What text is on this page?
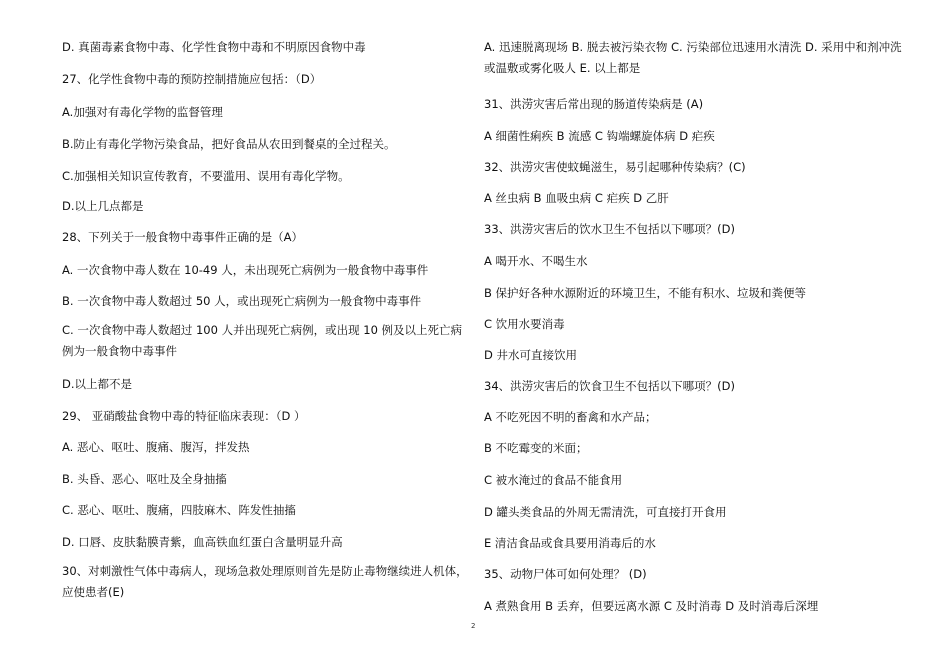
D. 真菌毒素食物中毒、化学性食物中毒和不明原因食物中毒
27、化学性食物中毒的预防控制措施应包括：（D）
A.加强对有毒化学物的监督管理
B.防止有毒化学物污染食品，把好食品从农田到餐桌的全过程关。
C.加强相关知识宣传教育，不要滥用、误用有毒化学物。
D.以上几点都是
28、下列关于一般食物中毒事件正确的是（A）
A. 一次食物中毒人数在 10-49 人，未出现死亡病例为一般食物中毒事件
B. 一次食物中毒人数超过 50 人，或出现死亡病例为一般食物中毒事件
C. 一次食物中毒人数超过 100 人并出现死亡病例，或出现 10 例及以上死亡病例为一般食物中毒事件
D.以上都不是
29、 亚硝酸盐食物中毒的特征临床表现：（D ）
A. 恶心、呕吐、腹痛、腹泻，拌发热
B. 头昏、恶心、呕吐及全身抽搐
C. 恶心、呕吐、腹痛，四肢麻木、阵发性抽搐
D. 口唇、皮肤黏膜青紫，血高铁血红蛋白含量明显升高
30、对刺激性气体中毒病人，现场急救处理原则首先是防止毒物继续进人机体，应使患者(E)
A. 迅速脱离现场 B. 脱去被污染衣物 C. 污染部位迅速用水清洗 D. 采用中和剂冲洗或温敷或雾化吸人 E. 以上都是
31、洪涝灾害后常出现的肠道传染病是 (A)
A 细菌性痢疾 B 流感 C 钩端螺旋体病 D 疟疾
32、洪涝灾害使蚊蝇滋生，易引起哪种传染病？(C)
A 丝虫病 B 血吸虫病 C 疟疾 D 乙肝
33、洪涝灾害后的饮水卫生不包括以下哪项？(D)
A 喝开水、不喝生水
B 保护好各种水源附近的环境卫生，不能有积水、垃圾和粪便等
C 饮用水要消毒
D 井水可直接饮用
34、洪涝灾害后的饮食卫生不包括以下哪项？(D)
A 不吃死因不明的畜禽和水产品；
B 不吃霉变的米面；
C 被水淹过的食品不能食用
D 罐头类食品的外周无需清洗，可直接打开食用
E 清洁食品或食具要用消毒后的水
35、动物尸体可如何处理？ (D)
A 煮熟食用 B 丢弃，但要远离水源 C 及时消毒 D 及时消毒后深埋
2
